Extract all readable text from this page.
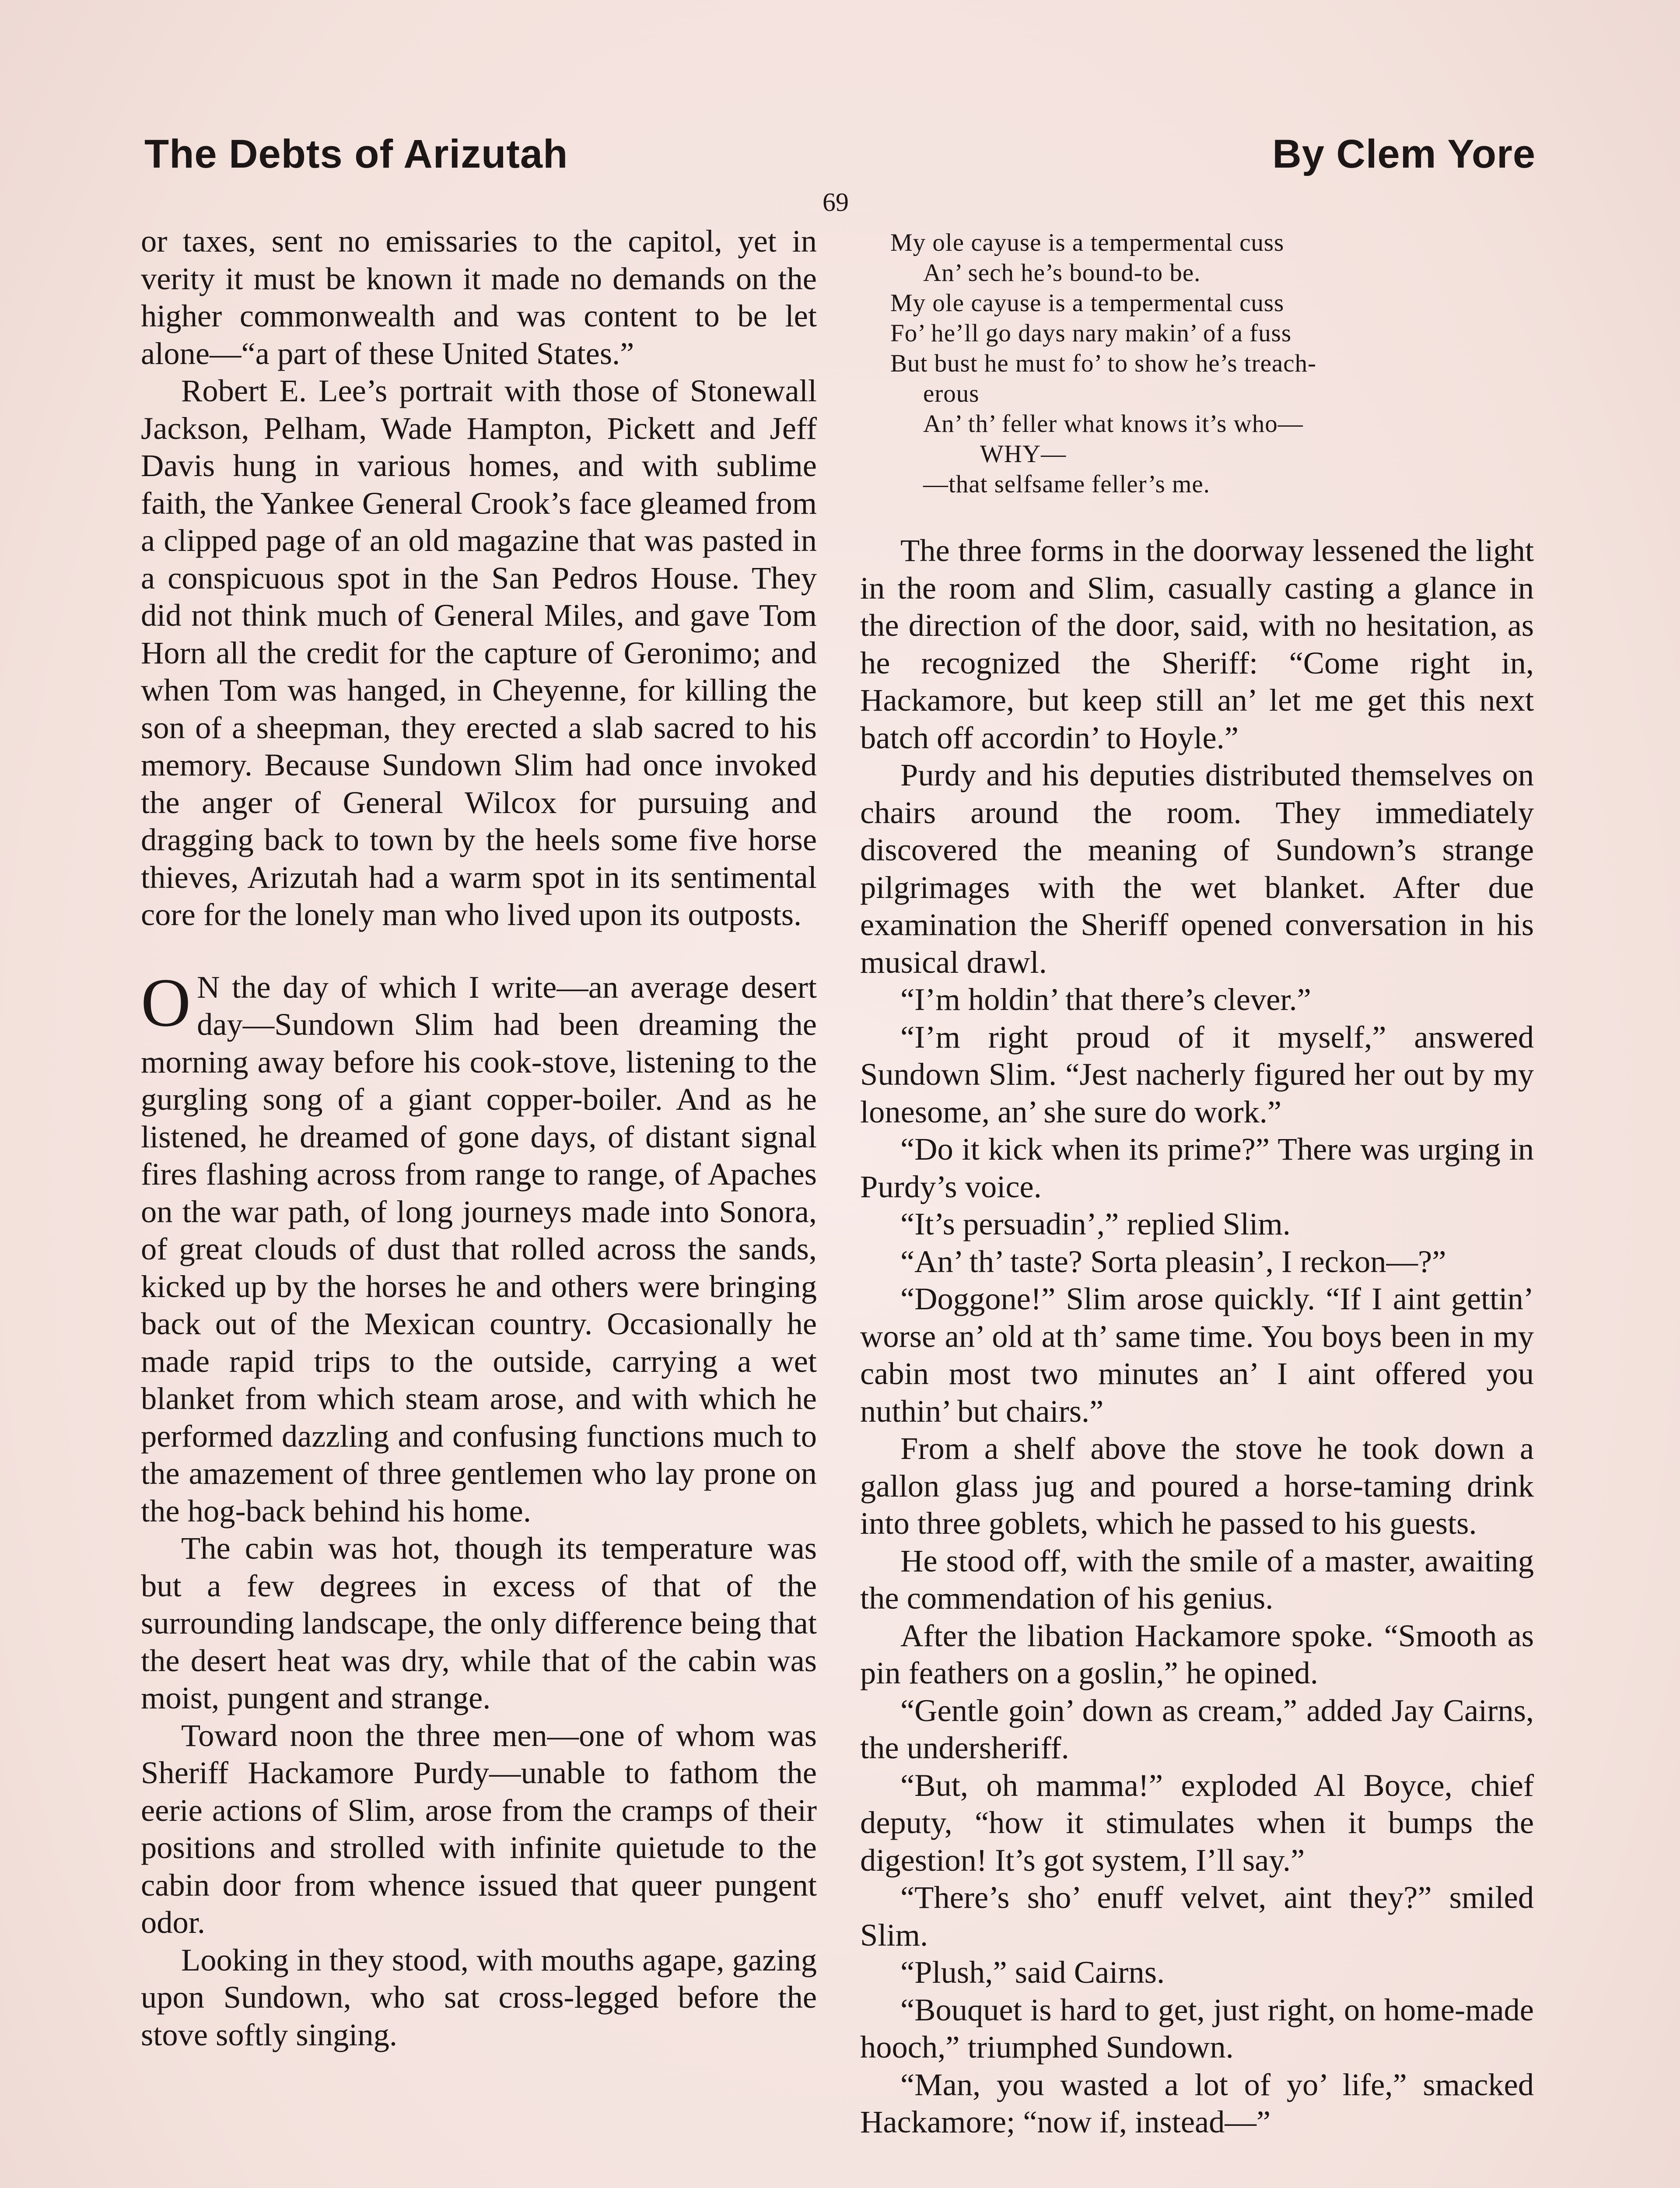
The Debts of Arizutah	By Clem Yore
69

or taxes, sent no emissaries to the capitol, yet in verity it must be known it made no demands on the higher commonwealth and was content to be let alone—“a part of these United States.”

Robert E. Lee’s portrait with those of Stonewall Jackson, Pelham, Wade Hampton, Pickett and Jeff Davis hung in various homes, and with sublime faith, the Yankee General Crook’s face gleamed from a clipped page of an old magazine that was pasted in a conspicuous spot in the San Pedros House. They did not think much of General Miles, and gave Tom Horn all the credit for the capture of Geronimo; and when Tom was hanged, in Cheyenne, for killing the son of a sheepman, they erected a slab sacred to his memory. Because Sundown Slim had once invoked the anger of General Wilcox for pursuing and dragging back to town by the heels some five horse thieves, Arizutah had a warm spot in its sentimental core for the lonely man who lived upon its outposts.

O N the day of which I write—an average desert day—Sundown Slim had been dreaming the morning away before his cook-stove, listening to the gurgling song of a giant copper-boiler. And as he listened, he dreamed of gone days, of distant signal fires flashing across from range to range, of Apaches on the war path, of long journeys made into Sonora, of great clouds of dust that rolled across the sands, kicked up by the horses he and others were bringing back out of the Mexican country. Occasionally he made rapid trips to the outside, carrying a wet blanket from which steam arose, and with which he performed dazzling and confusing functions much to the amazement of three gentlemen who lay prone on the hog-back behind his home.

The cabin was hot, though its temperature was but a few degrees in excess of that of the surrounding landscape, the only difference being that the desert heat was dry, while that of the cabin was moist, pungent and strange.

Toward noon the three men—one of whom was Sheriff Hackamore Purdy—unable to fathom the eerie actions of Slim, arose from the cramps of their positions and strolled with infinite quietude to the cabin door from whence issued that queer pungent odor.

Looking in they stood, with mouths agape, gazing upon Sundown, who sat cross-legged before the stove softly singing.

My ole cayuse is a tempermental cuss
An’ sech he’s bound-to be.
My ole cayuse is a tempermental cuss
Fo’ he’ll go days nary makin’ of a fuss
But bust he must fo’ to show he’s treach-
erous
An’ th’ feller what knows it’s who—
WHY—
—that selfsame feller’s me.

The three forms in the doorway lessened the light in the room and Slim, casually casting a glance in the direction of the door, said, with no hesitation, as he recognized the Sheriff: “Come right in, Hackamore, but keep still an’ let me get this next batch off accordin’ to Hoyle.”

Purdy and his deputies distributed themselves on chairs around the room. They immediately discovered the meaning of Sundown’s strange pilgrimages with the wet blanket. After due examination the Sheriff opened conversation in his musical drawl.

“I’m holdin’ that there’s clever.”

“I’m right proud of it myself,” answered Sundown Slim. “Jest nacherly figured her out by my lonesome, an’ she sure do work.”

“Do it kick when its prime?” There was urging in Purdy’s voice.

“It’s persuadin’,” replied Slim.

“An’ th’ taste? Sorta pleasin’, I reckon—?”

“Doggone!” Slim arose quickly. “If I aint gettin’ worse an’ old at th’ same time. You boys been in my cabin most two minutes an’ I aint offered you nuthin’ but chairs.”

From a shelf above the stove he took down a gallon glass jug and poured a horse-taming drink into three goblets, which he passed to his guests.

He stood off, with the smile of a master, awaiting the commendation of his genius.

After the libation Hackamore spoke. “Smooth as pin feathers on a goslin,” he opined.

“Gentle goin’ down as cream,” added Jay Cairns, the undersheriff.

“But, oh mamma!” exploded Al Boyce, chief deputy, “how it stimulates when it bumps the digestion! It’s got system, I’ll say.”

“There’s sho’ enuff velvet, aint they?” smiled Slim.

“Plush,” said Cairns.

“Bouquet is hard to get, just right, on home-made hooch,” triumphed Sundown.

“Man, you wasted a lot of yo’ life,” smacked Hackamore; “now if, instead—”
